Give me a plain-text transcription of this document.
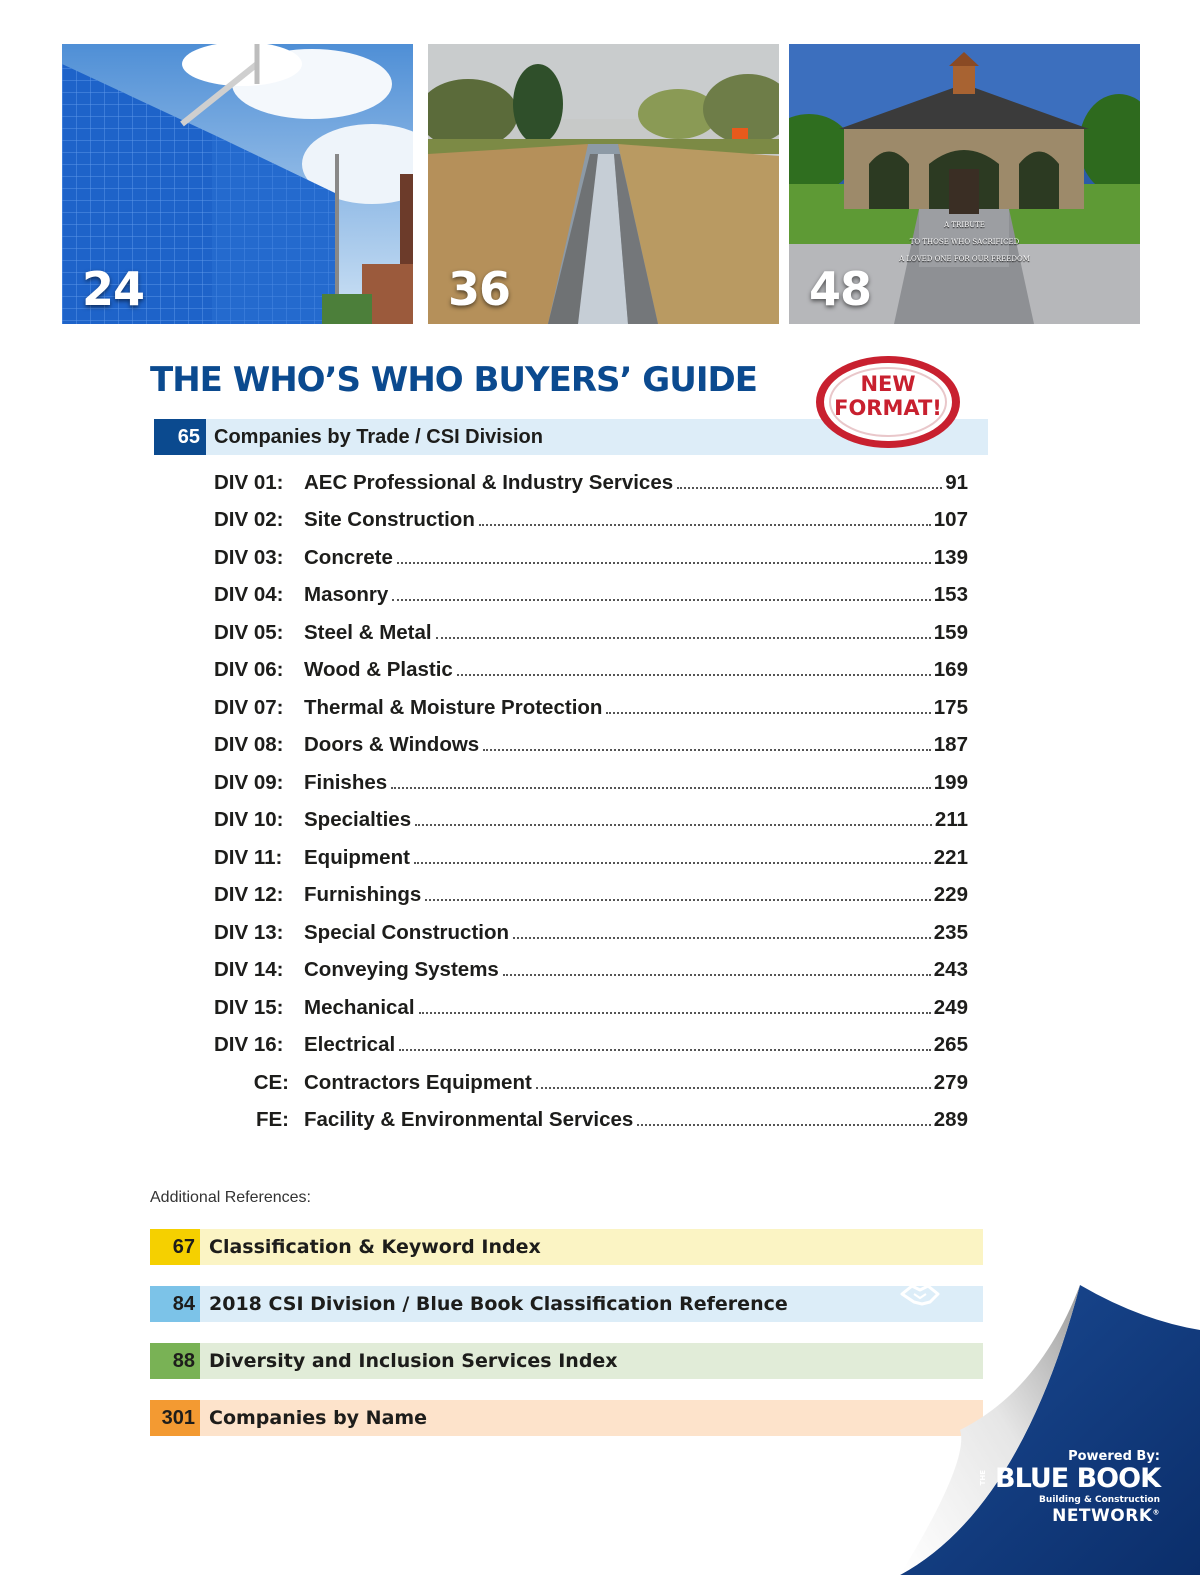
24	36
A TRIBUTE
TO THOSE WHO SACRIFICED
A LOVED ONE FOR OUR FREEDOM
48
THE WHO’S WHO BUYERS’ GUIDE
65 Companies by Trade / CSI Division
NEW
FORMAT!
DIV 01:	AEC Professional & Industry Services	91
DIV 02:	Site Construction	107
DIV 03:	Concrete	139
DIV 04:	Masonry	153
DIV 05:	Steel & Metal	159
DIV 06:	Wood & Plastic	169
DIV 07:	Thermal & Moisture Protection	175
DIV 08:	Doors & Windows	187
DIV 09:	Finishes	199
DIV 10:	Specialties	211
DIV 11:	Equipment	221
DIV 12:	Furnishings	229
DIV 13:	Special Construction	235
DIV 14:	Conveying Systems	243
DIV 15:	Mechanical	249
DIV 16:	Electrical	265
CE: Contractors Equipment	279
FE: Facility & Environmental Services	289
Additional References:
67 Classification & Keyword Index
84 2018 CSI Division / Blue Book Classification Reference
88 Diversity and Inclusion Services Index
301 Companies by Name
Powered By:
THE BLUE BOOK
Building & Construction
NETWORK®
